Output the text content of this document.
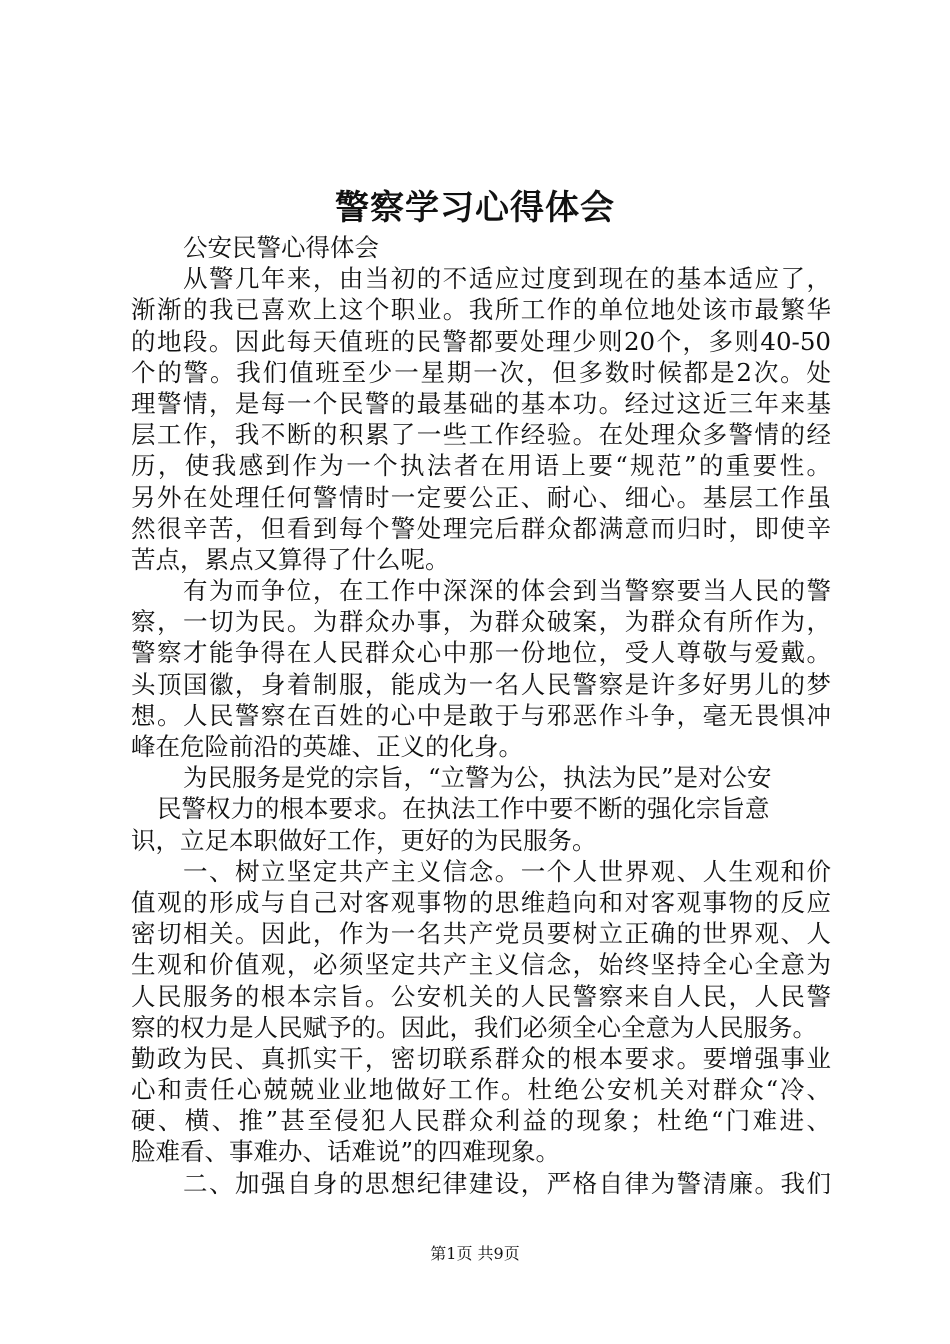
警察学习心得体会
公安民警心得体会
从警几年来，由当初的不适应过度到现在的基本适应了，
渐渐的我已喜欢上这个职业。我所工作的单位地处该市最繁华
的地段。因此每天值班的民警都要处理少则20个，多则40-50
个的警。我们值班至少一星期一次，但多数时候都是2次。处
理警情，是每一个民警的最基础的基本功。经过这近三年来基
层工作，我不断的积累了一些工作经验。在处理众多警情的经
历，使我感到作为一个执法者在用语上要“规范”的重要性。
另外在处理任何警情时一定要公正、耐心、细心。基层工作虽
然很辛苦，但看到每个警处理完后群众都满意而归时，即使辛
苦点，累点又算得了什么呢。
有为而争位，在工作中深深的体会到当警察要当人民的警
察，一切为民。为群众办事，为群众破案，为群众有所作为，
警察才能争得在人民群众心中那一份地位，受人尊敬与爱戴。
头顶国徽，身着制服，能成为一名人民警察是许多好男儿的梦
想。人民警察在百姓的心中是敢于与邪恶作斗争，毫无畏惧冲
峰在危险前沿的英雄、正义的化身。
为民服务是党的宗旨，“立警为公，执法为民”是对公安
民警权力的根本要求。在执法工作中要不断的强化宗旨意
识，立足本职做好工作，更好的为民服务。
一、树立坚定共产主义信念。一个人世界观、人生观和价
值观的形成与自己对客观事物的思维趋向和对客观事物的反应
密切相关。因此，作为一名共产党员要树立正确的世界观、人
生观和价值观，必须坚定共产主义信念，始终坚持全心全意为
人民服务的根本宗旨。公安机关的人民警察来自人民，人民警
察的权力是人民赋予的。因此，我们必须全心全意为人民服务。
勤政为民、真抓实干，密切联系群众的根本要求。要增强事业
心和责任心兢兢业业地做好工作。杜绝公安机关对群众“冷、
硬、横、推”甚至侵犯人民群众利益的现象；杜绝“门难进、
脸难看、事难办、话难说”的四难现象。
二、加强自身的思想纪律建设，严格自律为警清廉。我们
第1页 共9页
